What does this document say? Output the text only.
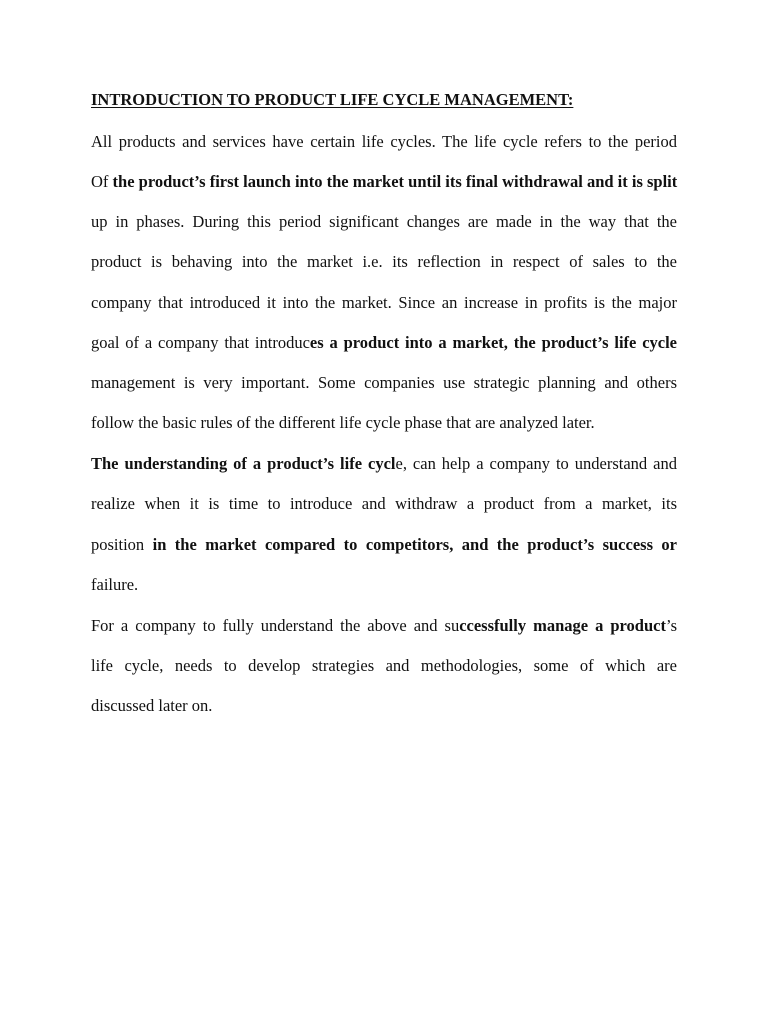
INTRODUCTION TO PRODUCT LIFE CYCLE MANAGEMENT:
All products and services have certain life cycles. The life cycle refers to the period
Of the product’s first launch into the market until its final withdrawal and it is split
up in phases. During this period significant changes are made in the way that the
product is behaving into the market i.e. its reflection in respect of sales to the
company that introduced it into the market. Since an increase in profits is the major
goal of a company that introduces a product into a market, the product’s life cycle
management is very important. Some companies use strategic planning and others
follow the basic rules of the different life cycle phase that are analyzed later.
The understanding of a product’s life cycle, can help a company to understand and
realize when it is time to introduce and withdraw a product from a market, its
position in the market compared to competitors, and the product’s success or
failure.
For a company to fully understand the above and successfully manage a product’s
life cycle, needs to develop strategies and methodologies, some of which are
discussed later on.
